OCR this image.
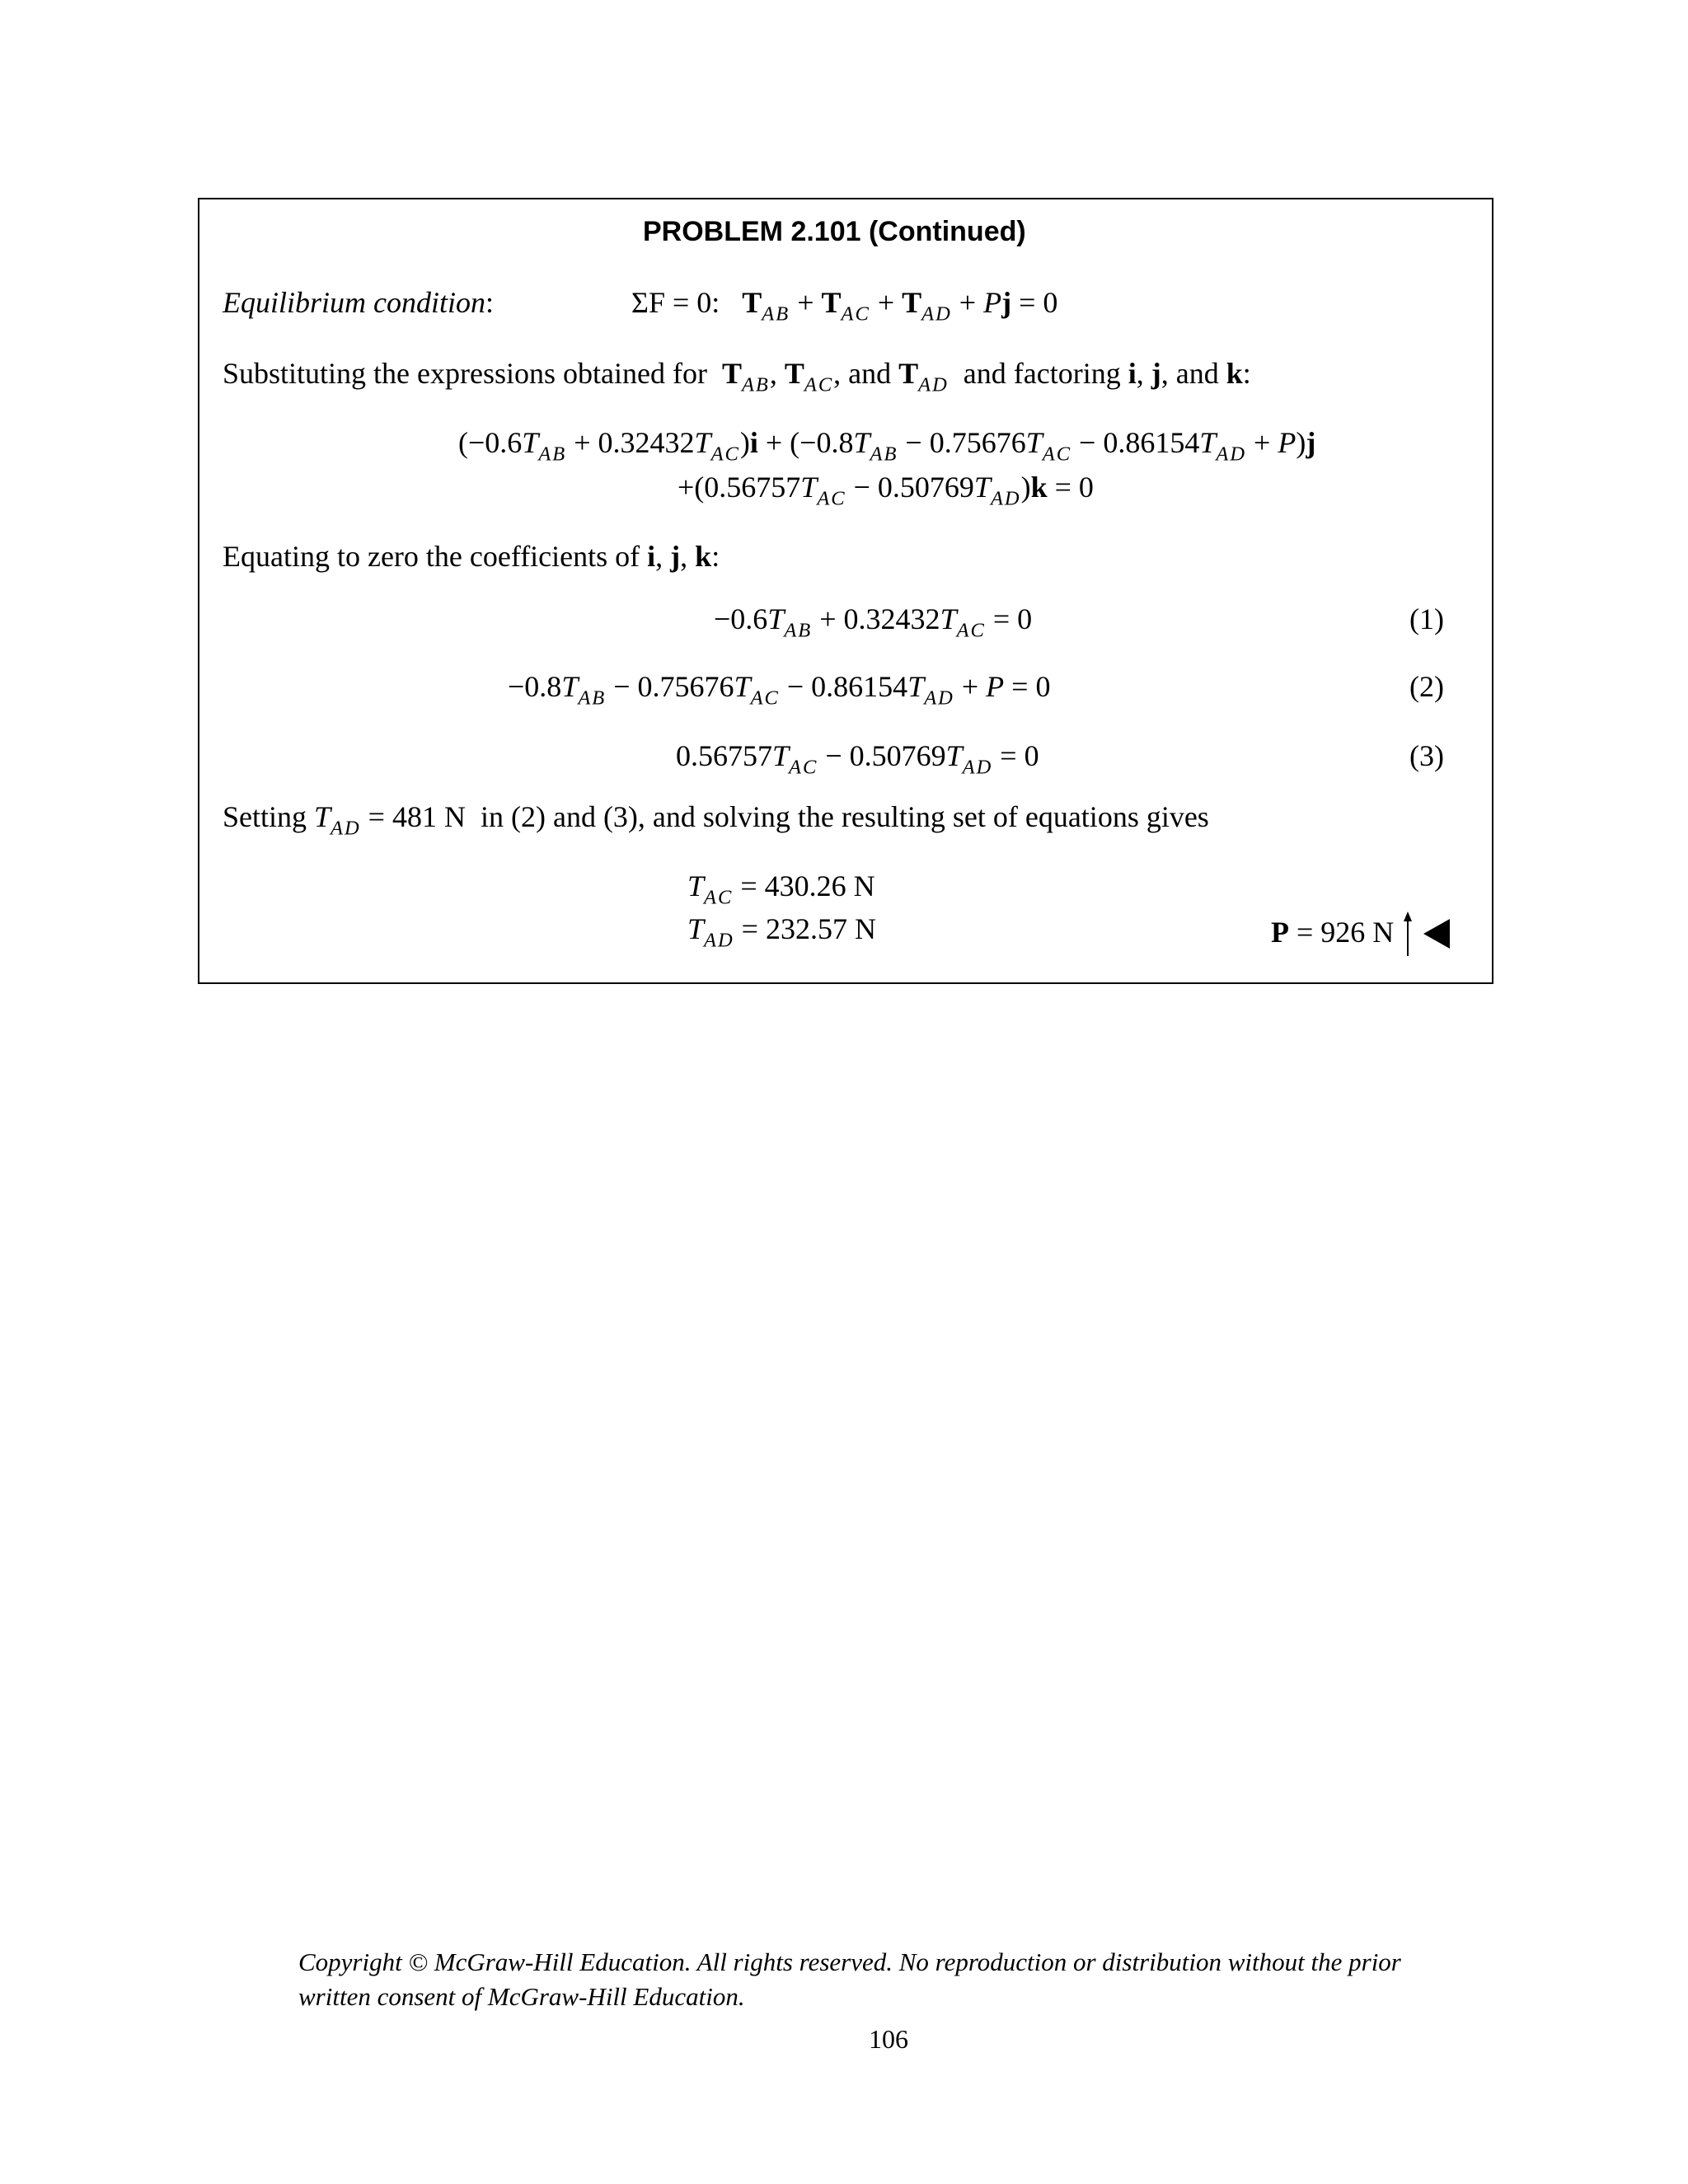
PROBLEM 2.101 (Continued)
Equilibrium condition:	ΣF = 0: $T_{AB} + T_{AC} + T_{AD} + Pj = 0$
Substituting the expressions obtained for $T_{AB}$, $T_{AC}$, and $T_{AD}$ and factoring i, j, and k:
$(-0.6T_{AB} + 0.32432T_{AC})i + (-0.8T_{AB} - 0.75676T_{AC} - 0.86154T_{AD} + P)j$
$+(0.56757T_{AC} - 0.50769T_{AD})k = 0$
Equating to zero the coefficients of i, j, k:
$-0.6T_{AB} + 0.32432T_{AC} = 0$	(1)
$-0.8T_{AB} - 0.75676T_{AC} - 0.86154T_{AD} + P = 0$	(2)
$0.56757T_{AC} - 0.50769T_{AD} = 0$	(3)
Setting $T_{AD} = 481$ N in (2) and (3), and solving the resulting set of equations gives
$T_{AC} = 430.26$ N
$T_{AD} = 232.57$ N	P = 926 N
Copyright © McGraw-Hill Education. All rights reserved. No reproduction or distribution without the prior
written consent of McGraw-Hill Education.
106
